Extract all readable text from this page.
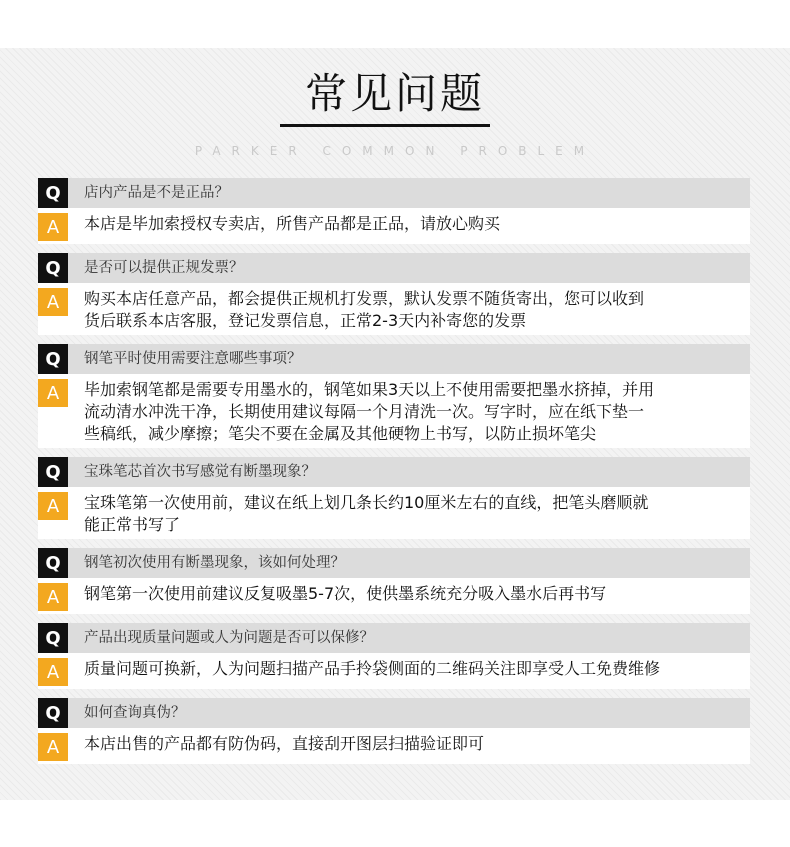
常见问题
PARKER COMMON PROBLEM
Q	店内产品是不是正品？
A	本店是毕加索授权专卖店，所售产品都是正品，请放心购买
Q	是否可以提供正规发票？
A	购买本店任意产品，都会提供正规机打发票，默认发票不随货寄出，您可以收到
货后联系本店客服，登记发票信息，正常2-3天内补寄您的发票
Q	钢笔平时使用需要注意哪些事项？
A	毕加索钢笔都是需要专用墨水的，钢笔如果3天以上不使用需要把墨水挤掉，并用
流动清水冲洗干净，长期使用建议每隔一个月清洗一次。写字时，应在纸下垫一
些稿纸，减少摩擦；笔尖不要在金属及其他硬物上书写，以防止损坏笔尖
Q	宝珠笔芯首次书写感觉有断墨现象？
A	宝珠笔第一次使用前，建议在纸上划几条长约10厘米左右的直线，把笔头磨顺就
能正常书写了
Q	钢笔初次使用有断墨现象，该如何处理？
A	钢笔第一次使用前建议反复吸墨5-7次，使供墨系统充分吸入墨水后再书写
Q	产品出现质量问题或人为问题是否可以保修？
A	质量问题可换新，人为问题扫描产品手拎袋侧面的二维码关注即享受人工免费维修
Q	如何查询真伪？
A	本店出售的产品都有防伪码，直接刮开图层扫描验证即可
